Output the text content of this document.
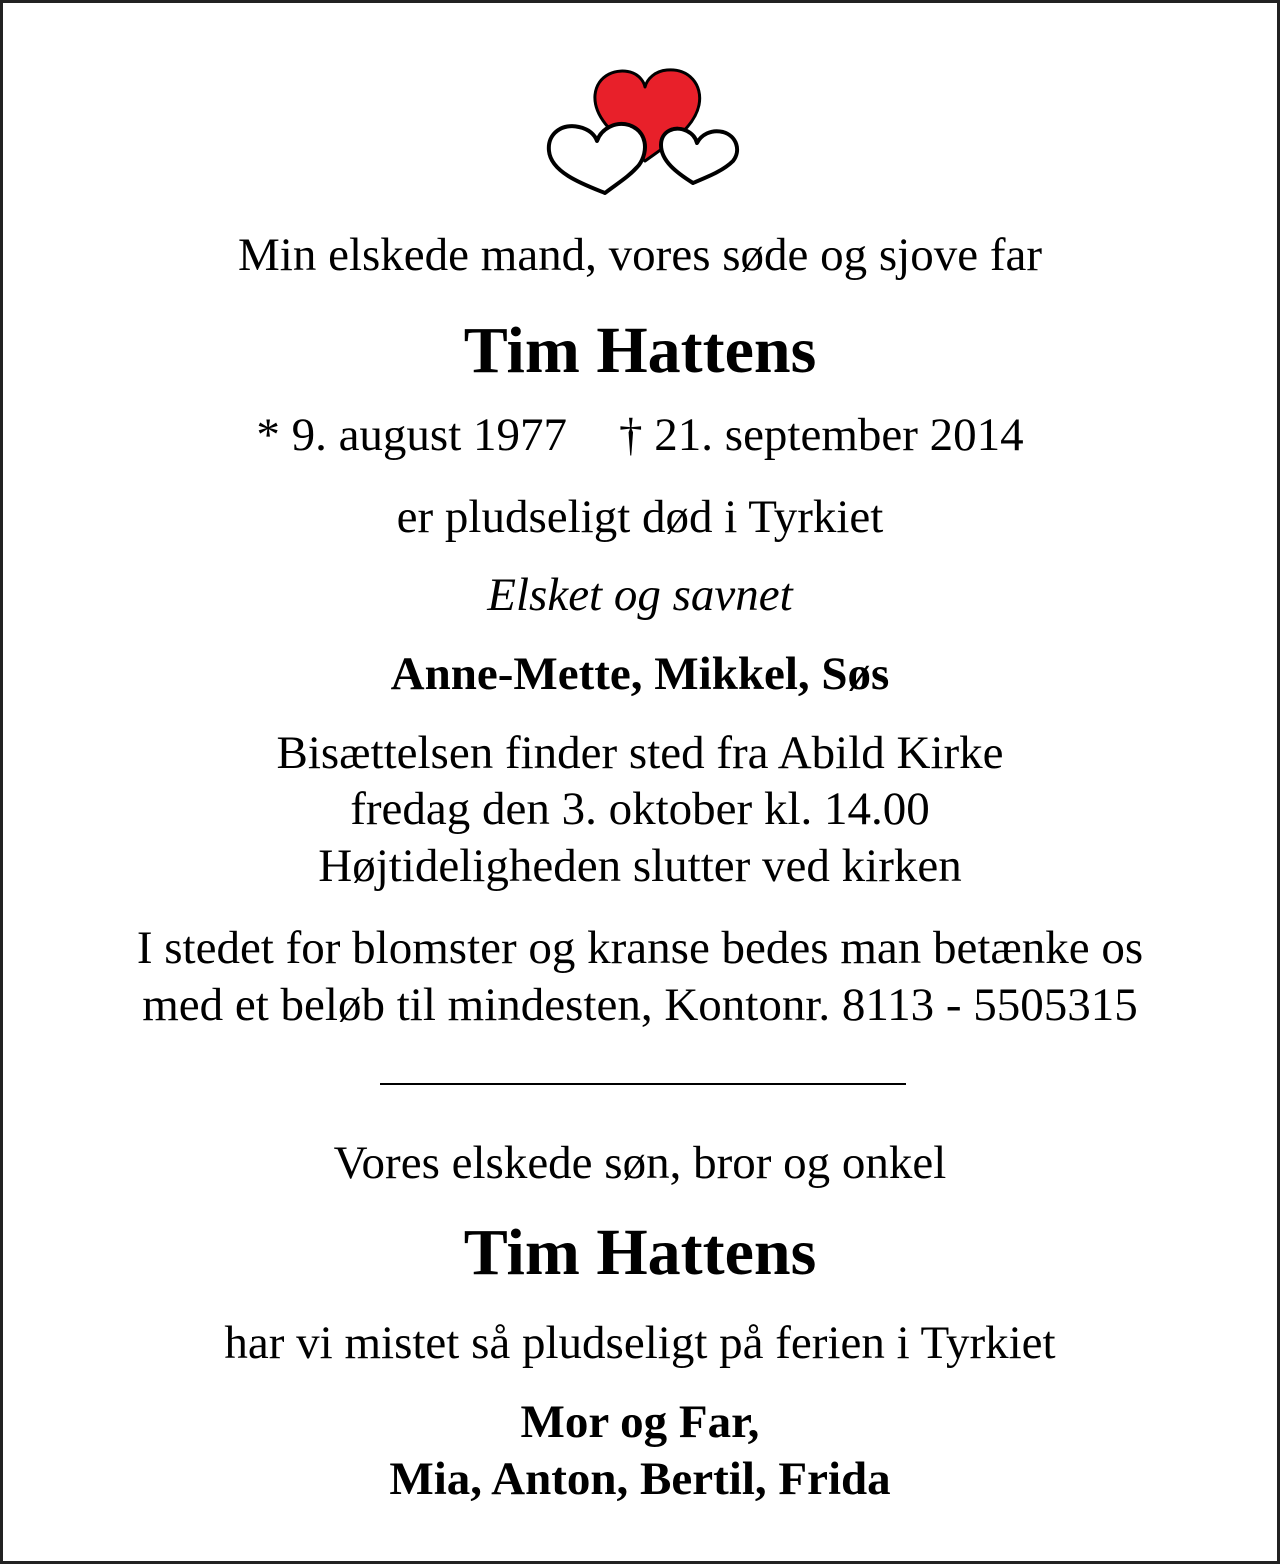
Min elskede mand, vores søde og sjove far

Tim Hattens

* 9. august 1977 † 21. september 2014

er pludseligt død i Tyrkiet

Elsket og savnet

Anne-Mette, Mikkel, Søs

Bisættelsen finder sted fra Abild Kirke

fredag den 3. oktober kl. 14.00

Højtideligheden slutter ved kirken

I stedet for blomster og kranse bedes man betænke os

med et beløb til mindesten, Kontonr. 8113 - 5505315

Vores elskede søn, bror og onkel

Tim Hattens

har vi mistet så pludseligt på ferien i Tyrkiet

Mor og Far,

Mia, Anton, Bertil, Frida
